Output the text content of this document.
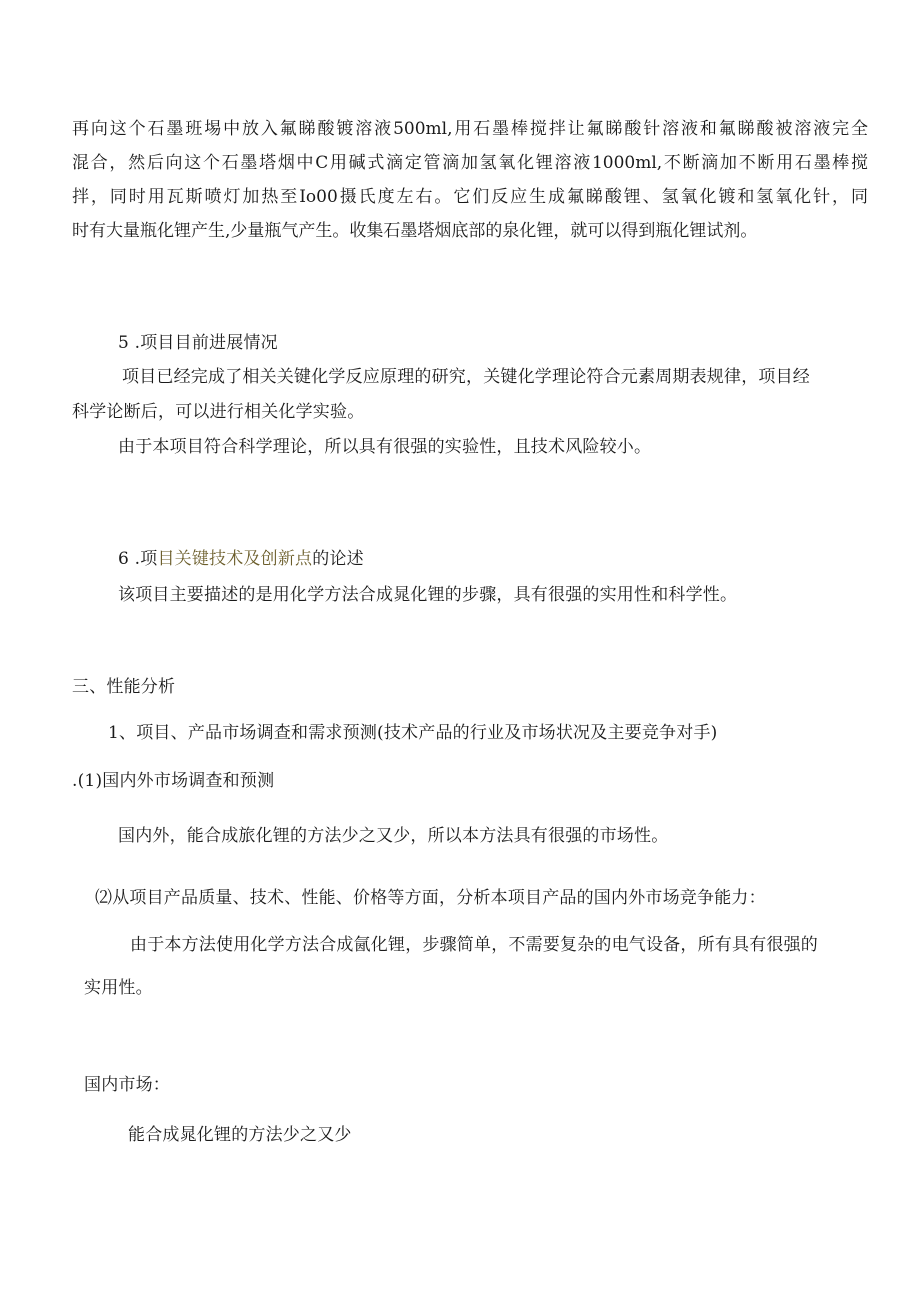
再向这个石墨班埸中放入氟睇酸镀溶液500ml,用石墨棒搅拌让氟睇酸针溶液和氟睇酸被溶液完全
混合，然后向这个石墨塔烟中C用碱式滴定管滴加氢氧化锂溶液1000ml,不断滴加不断用石墨棒搅
拌，同时用瓦斯喷灯加热至Io00摄氏度左右。它们反应生成氟睇酸锂、氢氧化镀和氢氧化针，同
时有大量瓶化锂产生,少量瓶气产生。收集石墨塔烟底部的泉化锂，就可以得到瓶化锂试剂。
5 .项目目前进展情况
项目已经完成了相关关键化学反应原理的研究，关键化学理论符合元素周期表规律，项目经
科学论断后，可以进行相关化学实验。
由于本项目符合科学理论，所以具有很强的实验性，且技术风险较小。
6 .项目关键技术及创新点的论述
该项目主要描述的是用化学方法合成晁化锂的步骤，具有很强的实用性和科学性。
三、性能分析
1、项目、产品市场调查和需求预测(技术产品的行业及市场状况及主要竞争对手)
.(1)国内外市场调查和预测
国内外，能合成旅化锂的方法少之又少，所以本方法具有很强的市场性。
⑵从项目产品质量、技术、性能、价格等方面，分析本项目产品的国内外市场竞争能力：
由于本方法使用化学方法合成氤化锂，步骤简单，不需要复杂的电气设备，所有具有很强的
实用性。
国内市场：
能合成晁化锂的方法少之又少
